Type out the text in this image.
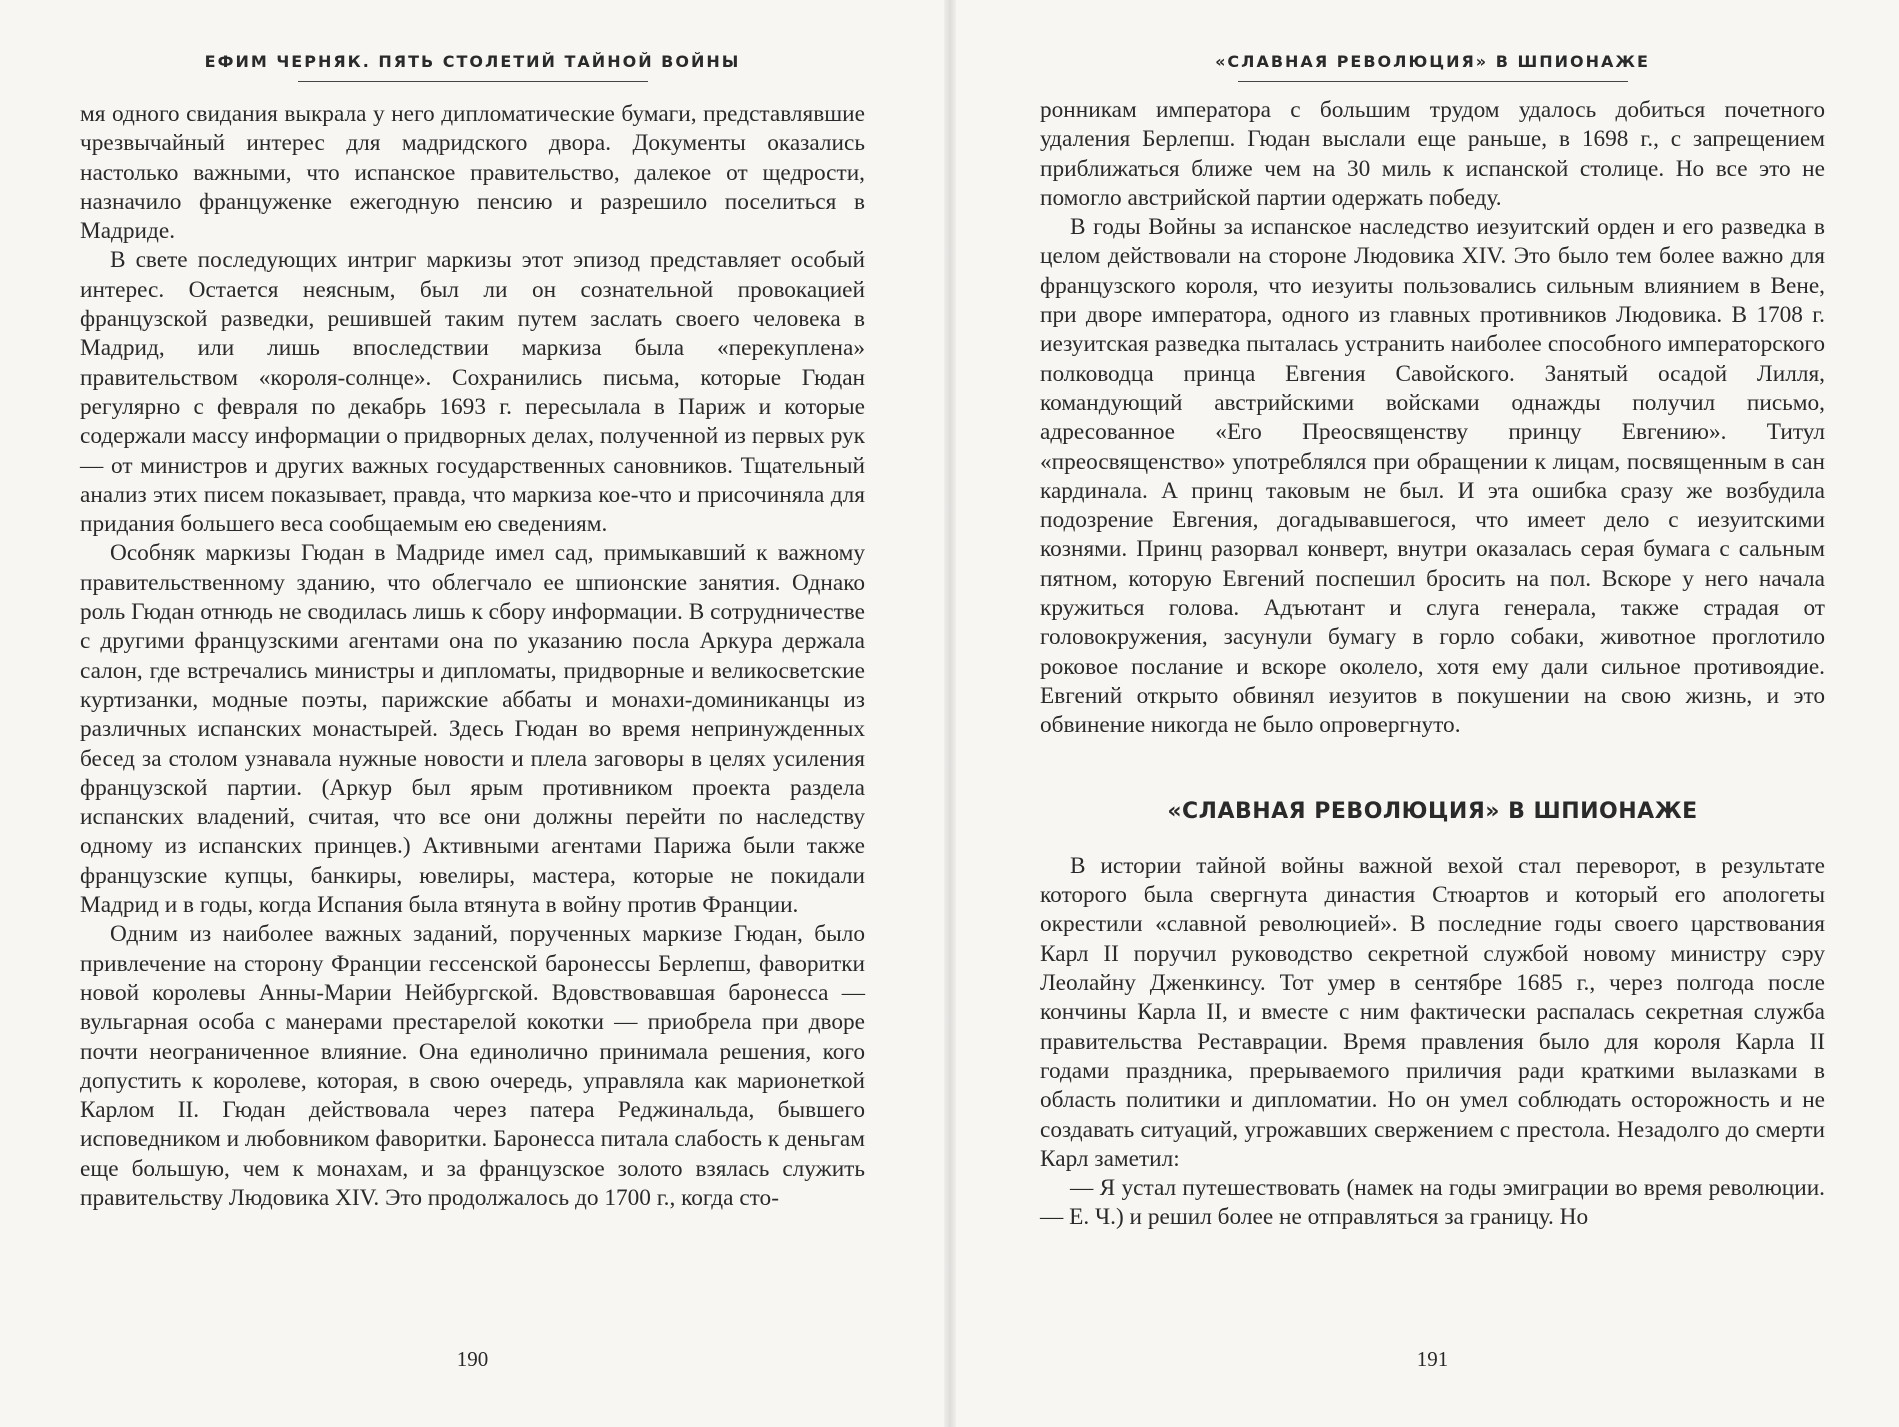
ЕФИМ ЧЕРНЯК. ПЯТЬ СТОЛЕТИЙ ТАЙНОЙ ВОЙНЫ

мя одного свидания выкрала у него дипломатические бумаги, представлявшие чрезвычайный интерес для мадридского двора. Документы оказались настолько важными, что испанское правительство, далекое от щедрости, назначило француженке ежегодную пенсию и разрешило поселиться в Мадриде.

В свете последующих интриг маркизы этот эпизод представляет особый интерес. Остается неясным, был ли он сознательной провокацией французской разведки, решившей таким путем заслать своего человека в Мадрид, или лишь впоследствии маркиза была «перекуплена» правительством «короля-солнце». Сохранились письма, которые Гюдан регулярно с февраля по декабрь 1693 г. пересылала в Париж и которые содержали массу информации о придворных делах, полученной из первых рук — от министров и других важных государственных сановников. Тщательный анализ этих писем показывает, правда, что маркиза кое-что и присочиняла для придания большего веса сообщаемым ею сведениям.

Особняк маркизы Гюдан в Мадриде имел сад, примыкавший к важному правительственному зданию, что облегчало ее шпионские занятия. Однако роль Гюдан отнюдь не сводилась лишь к сбору информации. В сотрудничестве с другими французскими агентами она по указанию посла Аркура держала салон, где встречались министры и дипломаты, придворные и великосветские куртизанки, модные поэты, парижские аббаты и монахи-доминиканцы из различных испанских монастырей. Здесь Гюдан во время непринужденных бесед за столом узнавала нужные новости и плела заговоры в целях усиления французской партии. (Аркур был ярым противником проекта раздела испанских владений, считая, что все они должны перейти по наследству одному из испанских принцев.) Активными агентами Парижа были также французские купцы, банкиры, ювелиры, мастера, которые не покидали Мадрид и в годы, когда Испания была втянута в войну против Франции.

Одним из наиболее важных заданий, порученных маркизе Гюдан, было привлечение на сторону Франции гессенской баронессы Берлепш, фаворитки новой королевы Анны-Марии Нейбургской. Вдовствовавшая баронесса — вульгарная особа с манерами престарелой кокотки — приобрела при дворе почти неограниченное влияние. Она единолично принимала решения, кого допустить к королеве, которая, в свою очередь, управляла как марионеткой Карлом II. Гюдан действовала через патера Реджинальда, бывшего исповедником и любовником фаворитки. Баронесса питала слабость к деньгам еще большую, чем к монахам, и за французское золото взялась служить правительству Людовика XIV. Это продолжалось до 1700 г., когда сто-

190
«СЛАВНАЯ РЕВОЛЮЦИЯ» В ШПИОНАЖЕ

ронникам императора с большим трудом удалось добиться почетного удаления Берлепш. Гюдан выслали еще раньше, в 1698 г., с запрещением приближаться ближе чем на 30 миль к испанской столице. Но все это не помогло австрийской партии одержать победу.

В годы Войны за испанское наследство иезуитский орден и его разведка в целом действовали на стороне Людовика XIV. Это было тем более важно для французского короля, что иезуиты пользовались сильным влиянием в Вене, при дворе императора, одного из главных противников Людовика. В 1708 г. иезуитская разведка пыталась устранить наиболее способного императорского полководца принца Евгения Савойского. Занятый осадой Лилля, командующий австрийскими войсками однажды получил письмо, адресованное «Его Преосвященству принцу Евгению». Титул «преосвященство» употреблялся при обращении к лицам, посвященным в сан кардинала. А принц таковым не был. И эта ошибка сразу же возбудила подозрение Евгения, догадывавшегося, что имеет дело с иезуитскими кознями. Принц разорвал конверт, внутри оказалась серая бумага с сальным пятном, которую Евгений поспешил бросить на пол. Вскоре у него начала кружиться голова. Адъютант и слуга генерала, также страдая от головокружения, засунули бумагу в горло собаки, животное проглотило роковое послание и вскоре околело, хотя ему дали сильное противоядие. Евгений открыто обвинял иезуитов в покушении на свою жизнь, и это обвинение никогда не было опровергнуто.

«СЛАВНАЯ РЕВОЛЮЦИЯ» В ШПИОНАЖЕ

В истории тайной войны важной вехой стал переворот, в результате которого была свергнута династия Стюартов и который его апологеты окрестили «славной революцией». В последние годы своего царствования Карл II поручил руководство секретной службой новому министру сэру Леолайну Дженкинсу. Тот умер в сентябре 1685 г., через полгода после кончины Карла II, и вместе с ним фактически распалась секретная служба правительства Реставрации. Время правления было для короля Карла II годами праздника, прерываемого приличия ради краткими вылазками в область политики и дипломатии. Но он умел соблюдать осторожность и не создавать ситуаций, угрожавших свержением с престола. Незадолго до смерти Карл заметил:

— Я устал путешествовать (намек на годы эмиграции во время революции. — Е. Ч.) и решил более не отправляться за границу. Но

191
